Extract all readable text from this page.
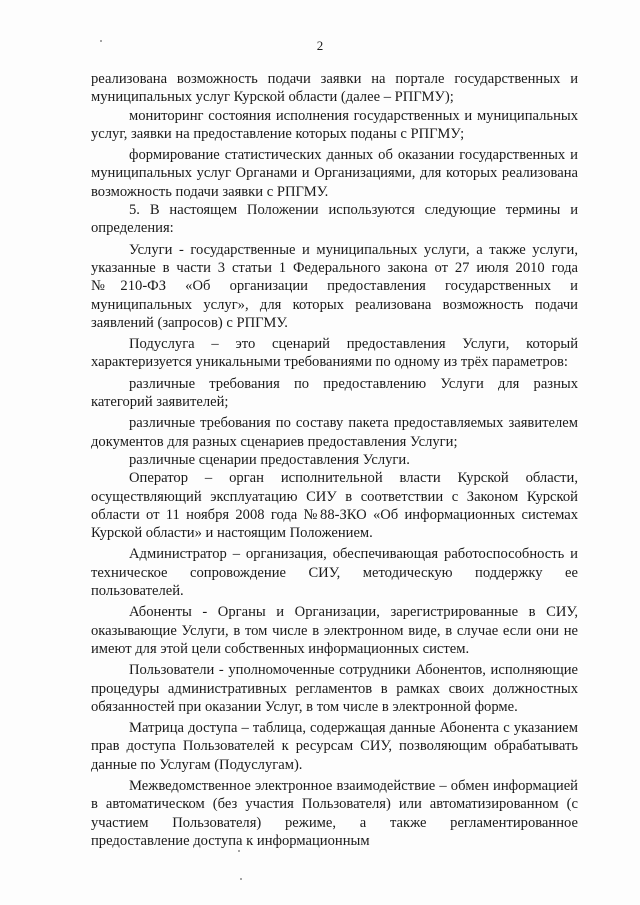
2

реализована возможность подачи заявки на портале государственных и муниципальных услуг Курской области (далее – РПГМУ);

мониторинг состояния исполнения государственных и муниципальных услуг, заявки на предоставление которых поданы с РПГМУ;

формирование статистических данных об оказании государственных и муниципальных услуг Органами и Организациями, для которых реализована возможность подачи заявки с РПГМУ.

5. В настоящем Положении используются следующие термины и определения:

Услуги - государственные и муниципальных услуги, а также услуги, указанные в части 3 статьи 1 Федерального закона от 27 июля 2010 года №210-ФЗ «Об организации предоставления государственных и муниципальных услуг», для которых реализована возможность подачи заявлений (запросов) с РПГМУ.

Подуслуга – это сценарий предоставления Услуги, который характеризуется уникальными требованиями по одному из трёх параметров:

различные требования по предоставлению Услуги для разных категорий заявителей;

различные требования по составу пакета предоставляемых заявителем документов для разных сценариев предоставления Услуги;

различные сценарии предоставления Услуги.

Оператор – орган исполнительной власти Курской области, осуществляющий эксплуатацию СИУ в соответствии с Законом Курской области от 11 ноября 2008 года №88-ЗКО «Об информационных системах Курской области» и настоящим Положением.

Администратор – организация, обеспечивающая работоспособность и техническое сопровождение СИУ, методическую поддержку ее пользователей.

Абоненты - Органы и Организации, зарегистрированные в СИУ, оказывающие Услуги, в том числе в электронном виде, в случае если они не имеют для этой цели собственных информационных систем.

Пользователи - уполномоченные сотрудники Абонентов, исполняющие процедуры административных регламентов в рамках своих должностных обязанностей при оказании Услуг, в том числе в электронной форме.

Матрица доступа – таблица, содержащая данные Абонента с указанием прав доступа Пользователей к ресурсам СИУ, позволяющим обрабатывать данные по Услугам (Подуслугам).

Межведомственное электронное взаимодействие – обмен информацией в автоматическом (без участия Пользователя) или автоматизированном (с участием Пользователя) режиме, а также регламентированное предоставление доступа к информационным
